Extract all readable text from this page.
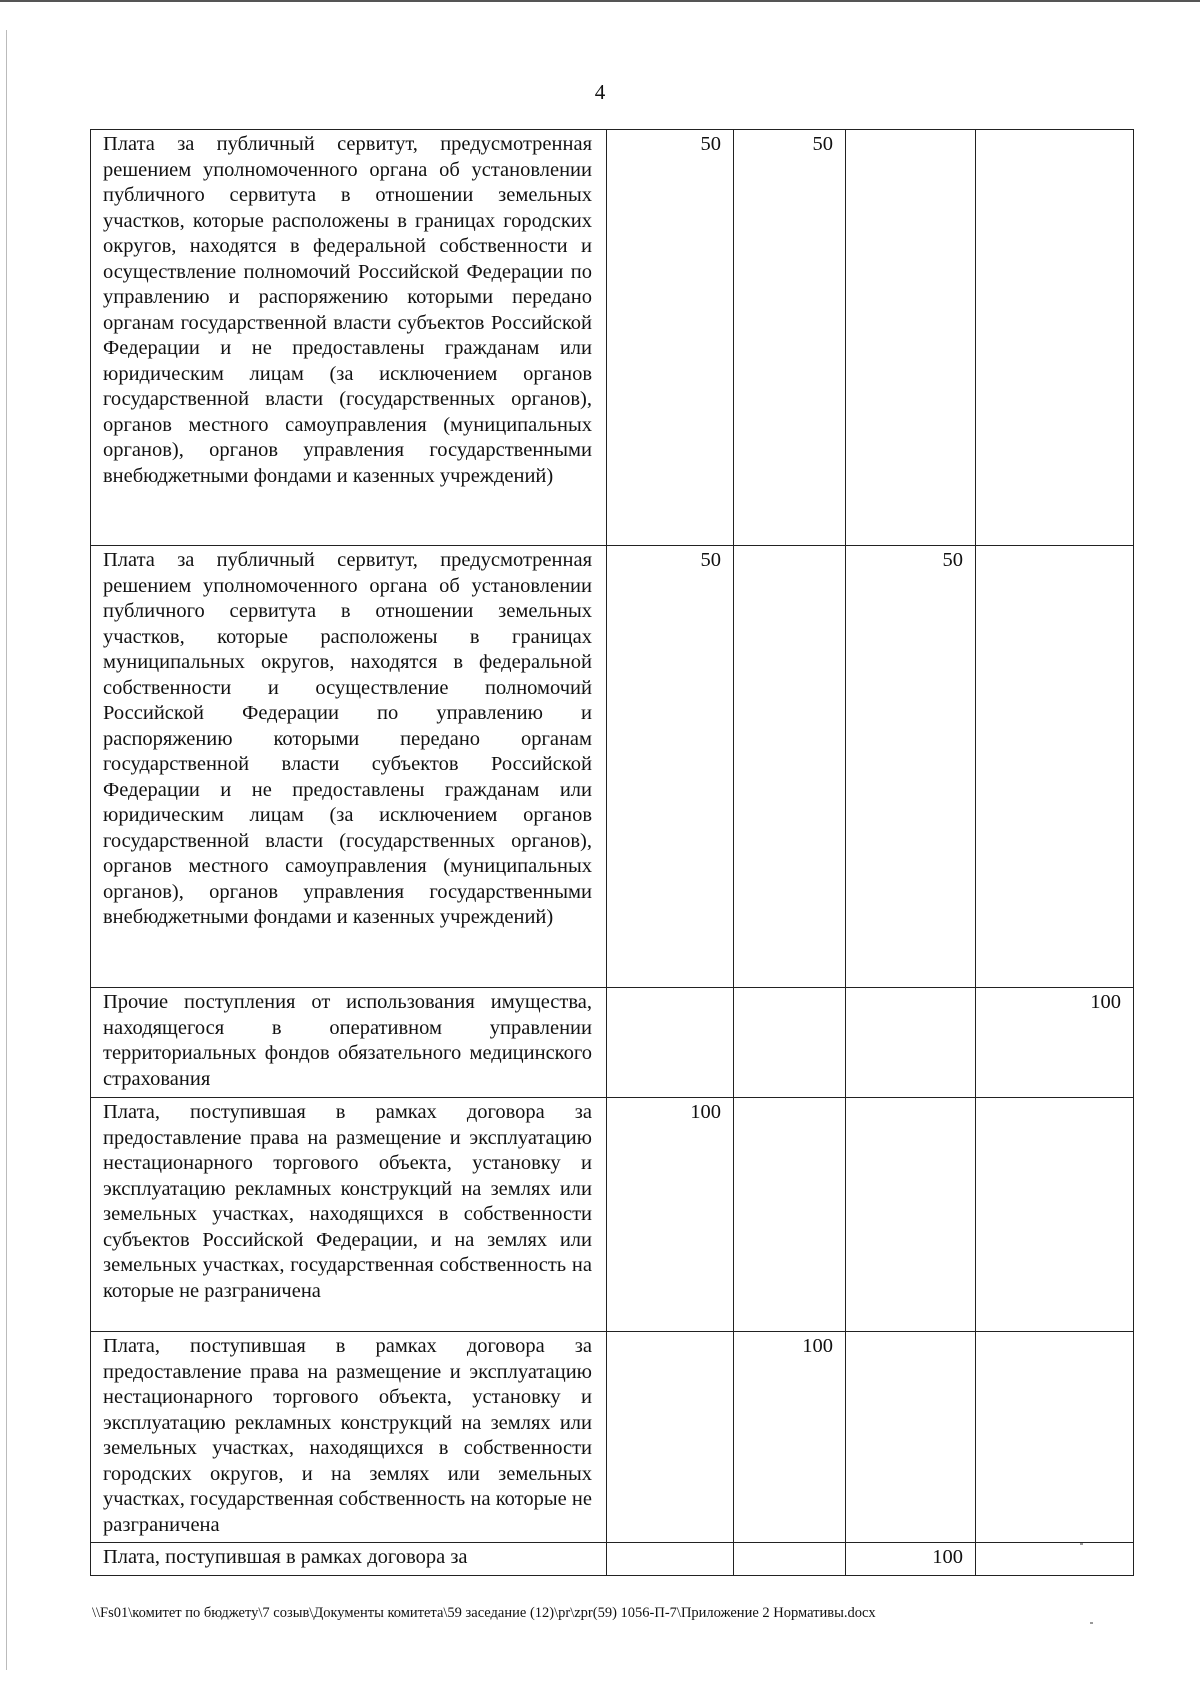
4
Плата за публичный сервитут, предусмотренная решением уполномоченного органа об установлении публичного сервитута в отношении земельных участков, которые расположены в границах городских округов, находятся в федеральной собственности и осуществление полномочий Российской Федерации по управлению и распоряжению которыми передано органам государственной власти субъектов Российской Федерации и не предоставлены гражданам или юридическим лицам (за исключением органов государственной власти (государственных органов), органов местного самоуправления (муниципальных органов), органов управления государственными внебюджетными фондами и казенных учреждений)	50	50		
Плата за публичный сервитут, предусмотренная решением уполномоченного органа об установлении публичного сервитута в отношении земельных участков, которые расположены в границах муниципальных округов, находятся в федеральной собственности и осуществление полномочий Российской Федерации по управлению и распоряжению которыми передано органам государственной власти субъектов Российской Федерации и не предоставлены гражданам или юридическим лицам (за исключением органов государственной власти (государственных органов), органов местного самоуправления (муниципальных органов), органов управления государственными внебюджетными фондами и казенных учреждений)	50		50	
Прочие поступления от использования имущества, находящегося в оперативном управлении территориальных фондов обязательного медицинского страхования				100
Плата, поступившая в рамках договора за предоставление права на размещение и эксплуатацию нестационарного торгового объекта, установку и эксплуатацию рекламных конструкций на землях или земельных участках, находящихся в собственности субъектов Российской Федерации, и на землях или земельных участках, государственная собственность на которые не разграничена	100			
Плата, поступившая в рамках договора за предоставление права на размещение и эксплуатацию нестационарного торгового объекта, установку и эксплуатацию рекламных конструкций на землях или земельных участках, находящихся в собственности городских округов, и на землях или земельных участках, государственная собственность на которые не разграничена		100		
Плата, поступившая в рамках договора за			100	
\\Fs01\комитет по бюджету\7 созыв\Документы комитета\59 заседание (12)\pr\zpr(59) 1056-П-7\Приложение 2 Нормативы.docx
